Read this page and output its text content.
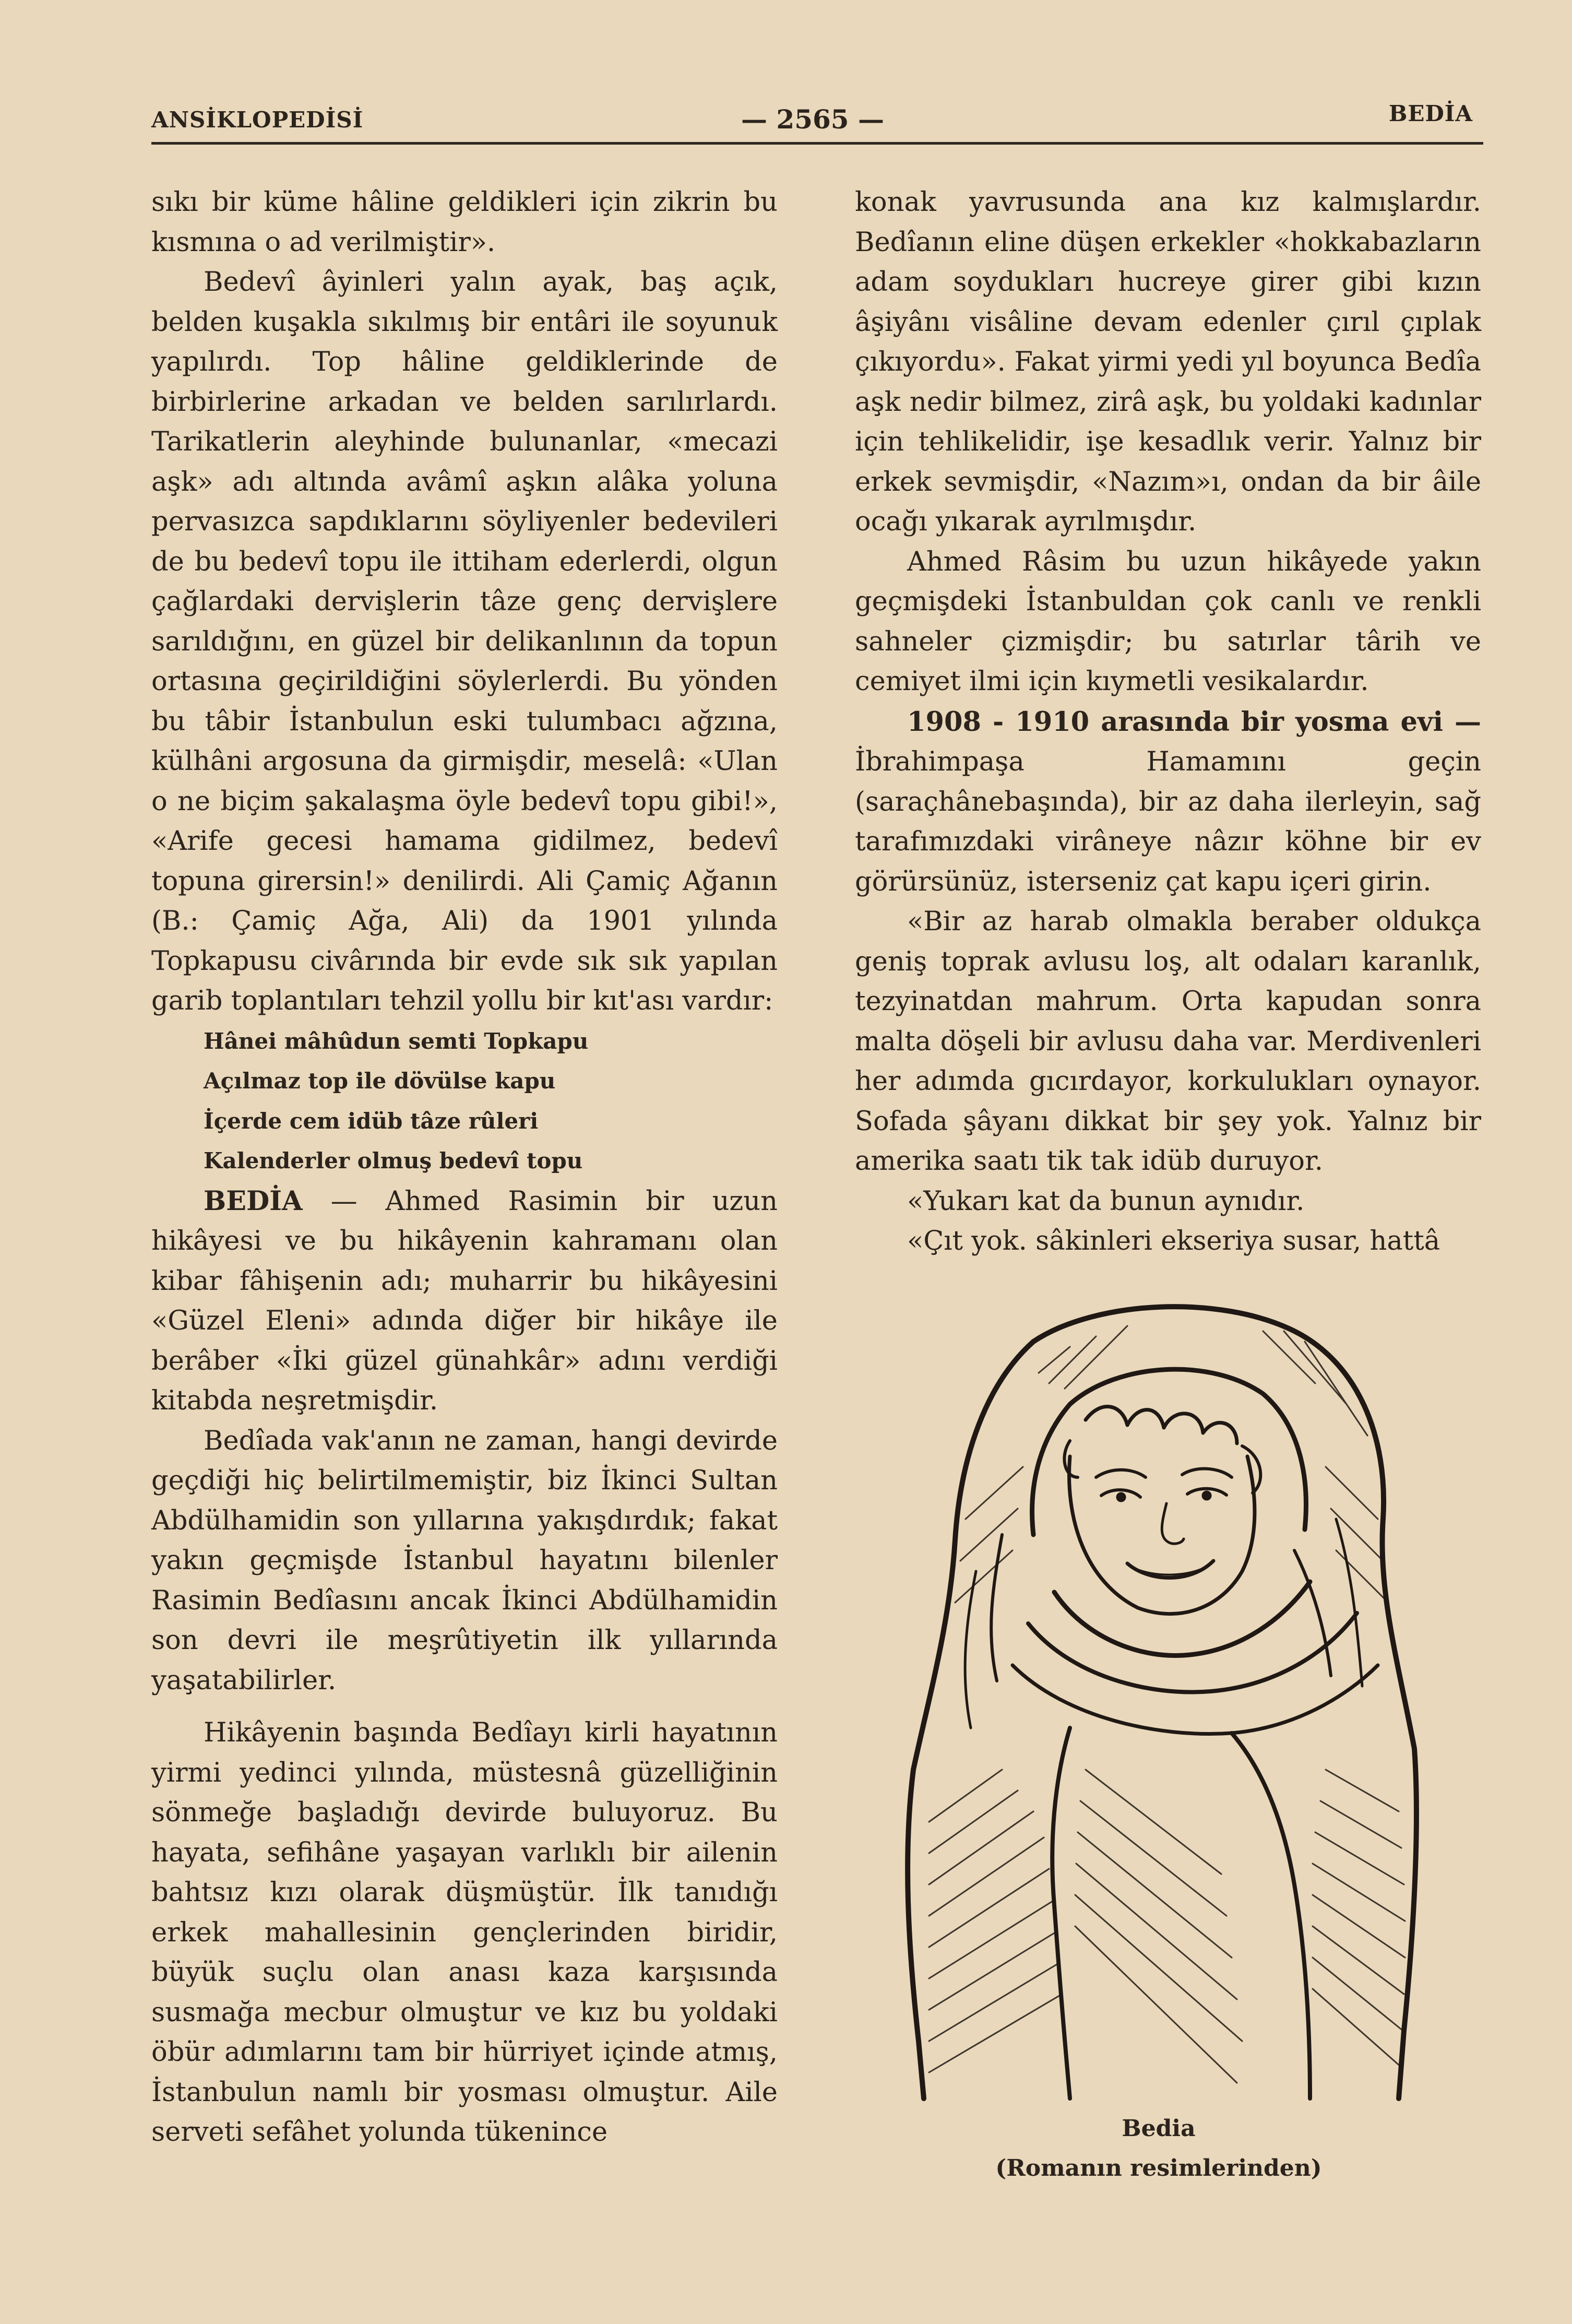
ANSİKLOPEDİSİ	— 2565 —	BEDİA

sıkı bir küme hâline geldikleri için zikrin bu kısmına o ad verilmiştir».

Bedevî âyinleri yalın ayak, baş açık, belden kuşakla sıkılmış bir entâri ile soyunuk yapılırdı. Top hâline geldiklerinde de birbirlerine arkadan ve belden sarılırlardı. Tarikatlerin aleyhinde bulunanlar, «mecazi aşk» adı altında avâmî aşkın alâka yoluna pervasızca sapdıklarını söyliyenler bedevileri de bu bedevî topu ile ittiham ederlerdi, olgun çağlardaki dervişlerin tâze genç dervişlere sarıldığını, en güzel bir delikanlının da topun ortasına geçirildiğini söylerlerdi. Bu yönden bu tâbir İstanbulun eski tulumbacı ağzına, külhâni argosuna da girmişdir, meselâ: «Ulan o ne biçim şakalaşma öyle bedevî topu gibi!», «Arife gecesi hamama gidilmez, bedevî topuna girersin!» denilirdi. Ali Çamiç Ağanın (B.: Çamiç Ağa, Ali) da 1901 yılında Topkapusu civârında bir evde sık sık yapılan garib toplantıları tehzil yollu bir kıt'ası vardır:

Hânei mâhûdun semti Topkapu
Açılmaz top ile dövülse kapu
İçerde cem idüb tâze rûleri
Kalenderler olmuş bedevî topu

BEDİA — Ahmed Rasimin bir uzun hikâyesi ve bu hikâyenin kahramanı olan kibar fâhişenin adı; muharrir bu hikâyesini «Güzel Eleni» adında diğer bir hikâye ile berâber «İki güzel günahkâr» adını verdiği kitabda neşretmişdir.

Bedîada vak'anın ne zaman, hangi devirde geçdiği hiç belirtilmemiştir, biz İkinci Sultan Abdülhamidin son yıllarına yakışdırdık; fakat yakın geçmişde İstanbul hayatını bilenler Rasimin Bedîasını ancak İkinci Abdülhamidin son devri ile meşrûtiyetin ilk yıllarında yaşatabilirler.

Hikâyenin başında Bedîayı kirli hayatının yirmi yedinci yılında, müstesnâ güzelliğinin sönmeğe başladığı devirde buluyoruz. Bu hayata, sefihâne yaşayan varlıklı bir ailenin bahtsız kızı olarak düşmüştür. İlk tanıdığı erkek mahallesinin gençlerinden biridir, büyük suçlu olan anası kaza karşısında susmağa mecbur olmuştur ve kız bu yoldaki öbür adımlarını tam bir hürriyet içinde atmış, İstanbulun namlı bir yosması olmuştur. Aile serveti sefâhet yolunda tükenince

konak yavrusunda ana kız kalmışlardır. Bedîanın eline düşen erkekler «hokkabazların adam soydukları hucreye girer gibi kızın âşiyânı visâline devam edenler çırıl çıplak çıkıyordu». Fakat yirmi yedi yıl boyunca Bedîa aşk nedir bilmez, zirâ aşk, bu yoldaki kadınlar için tehlikelidir, işe kesadlık verir. Yalnız bir erkek sevmişdir, «Nazım»ı, ondan da bir âile ocağı yıkarak ayrılmışdır.

Ahmed Râsim bu uzun hikâyede yakın geçmişdeki İstanbuldan çok canlı ve renkli sahneler çizmişdir; bu satırlar târih ve cemiyet ilmi için kıymetli vesikalardır.

1908 - 1910 arasında bir yosma evi — İbrahimpaşa Hamamını geçin (saraçhânebaşında), bir az daha ilerleyin, sağ tarafımızdaki virâneye nâzır köhne bir ev görürsünüz, isterseniz çat kapu içeri girin.

«Bir az harab olmakla beraber oldukça geniş toprak avlusu loş, alt odaları karanlık, tezyinatdan mahrum. Orta kapudan sonra malta döşeli bir avlusu daha var. Merdivenleri her adımda gıcırdayor, korkulukları oynayor. Sofada şâyanı dikkat bir şey yok. Yalnız bir amerika saatı tik tak idüb duruyor.

«Yukarı kat da bunun aynıdır.

«Çıt yok. sâkinleri ekseriya susar, hattâ

Bedia
(Romanın resimlerinden)
